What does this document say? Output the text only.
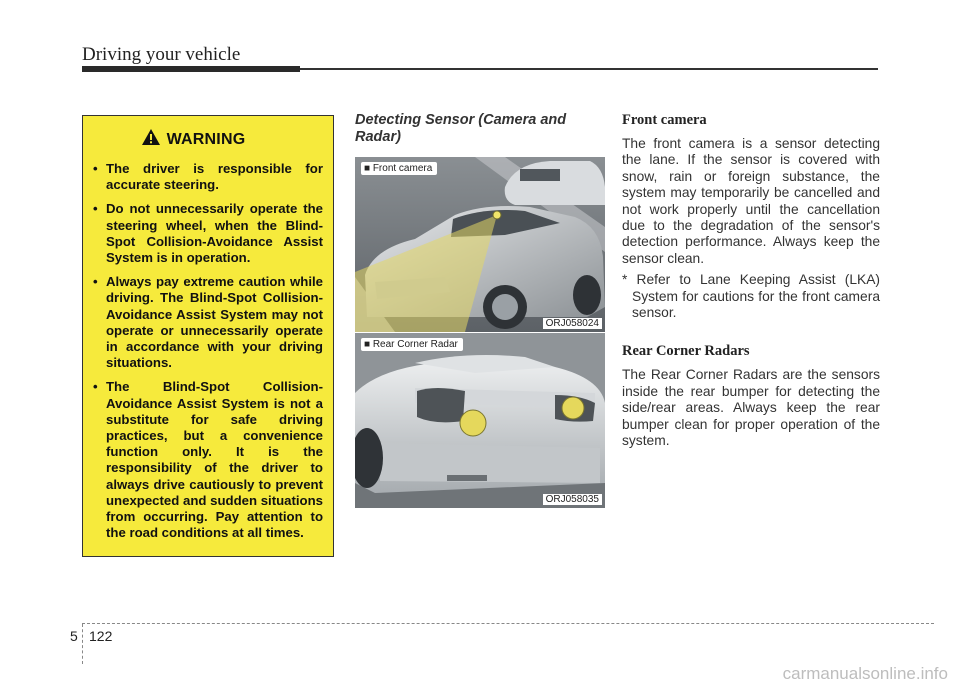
Driving your vehicle
WARNING
• The driver is responsible for accurate steering.
• Do not unnecessarily operate the steering wheel, when the Blind-Spot Collision-Avoidance Assist System is in operation.
• Always pay extreme caution while driving. The Blind-Spot Collision-Avoidance Assist System may not operate or unnecessarily operate in accordance with your driving situations.
• The Blind-Spot Collision-Avoidance Assist System is not a substitute for safe driving practices, but a convenience function only. It is the responsibility of the driver to always drive cautiously to prevent unexpected and sudden situations from occurring. Pay attention to the road conditions at all times.
Detecting Sensor (Camera and Radar)
■ Front camera
ORJ058024
■ Rear Corner Radar
ORJ058035
Front camera

The front camera is a sensor detecting the lane. If the sensor is covered with snow, rain or foreign substance, the system may temporarily be cancelled and not work properly until the cancellation due to the degradation of the sensor's detection performance. Always keep the sensor clean.

* Refer to Lane Keeping Assist (LKA) System for cautions for the front camera sensor.

Rear Corner Radars

The Rear Corner Radars are the sensors inside the rear bumper for detecting the side/rear areas. Always keep the rear bumper clean for proper operation of the system.

5 122
carmanualsonline.info
